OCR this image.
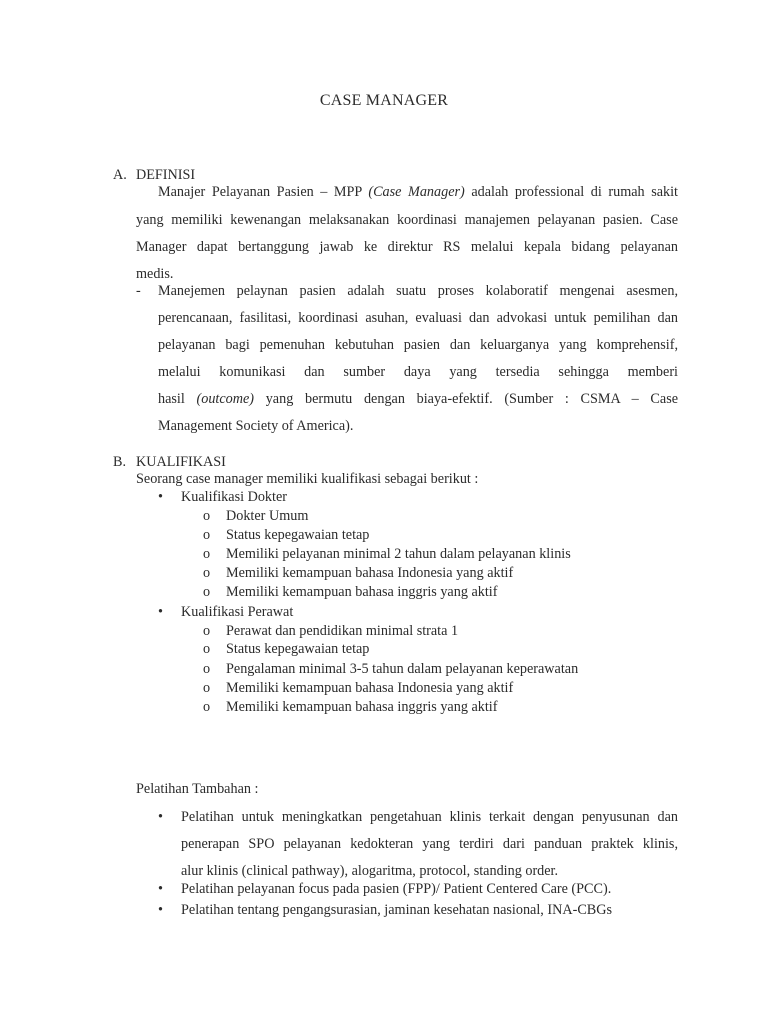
CASE MANAGER
A. DEFINISI
Manajer Pelayanan Pasien – MPP (Case Manager) adalah professional di rumah sakit
yang memiliki kewenangan melaksanakan koordinasi manajemen pelayanan pasien. Case
Manager dapat bertanggung jawab ke direktur RS melalui kepala bidang pelayanan
medis.
- Manejemen pelaynan pasien adalah suatu proses kolaboratif mengenai asesmen,
perencanaan, fasilitasi, koordinasi asuhan, evaluasi dan advokasi untuk pemilihan dan
pelayanan bagi pemenuhan kebutuhan pasien dan keluarganya yang komprehensif,
melalui komunikasi dan sumber daya yang tersedia sehingga memberi
hasil (outcome) yang bermutu dengan biaya-efektif. (Sumber : CSMA – Case
Management Society of America).
B. KUALIFIKASI
Seorang case manager memiliki kualifikasi sebagai berikut :
• Kualifikasi Dokter
o Dokter Umum
o Status kepegawaian tetap
o Memiliki pelayanan minimal 2 tahun dalam pelayanan klinis
o Memiliki kemampuan bahasa Indonesia yang aktif
o Memiliki kemampuan bahasa inggris yang aktif
• Kualifikasi Perawat
o Perawat dan pendidikan minimal strata 1
o Status kepegawaian tetap
o Pengalaman minimal 3-5 tahun dalam pelayanan keperawatan
o Memiliki kemampuan bahasa Indonesia yang aktif
o Memiliki kemampuan bahasa inggris yang aktif
Pelatihan Tambahan :
• Pelatihan untuk meningkatkan pengetahuan klinis terkait dengan penyusunan dan
penerapan SPO pelayanan kedokteran yang terdiri dari panduan praktek klinis,
alur klinis (clinical pathway), alogaritma, protocol, standing order.
• Pelatihan pelayanan focus pada pasien (FPP)/ Patient Centered Care (PCC).
• Pelatihan tentang pengangsurasian, jaminan kesehatan nasional, INA-CBGs
